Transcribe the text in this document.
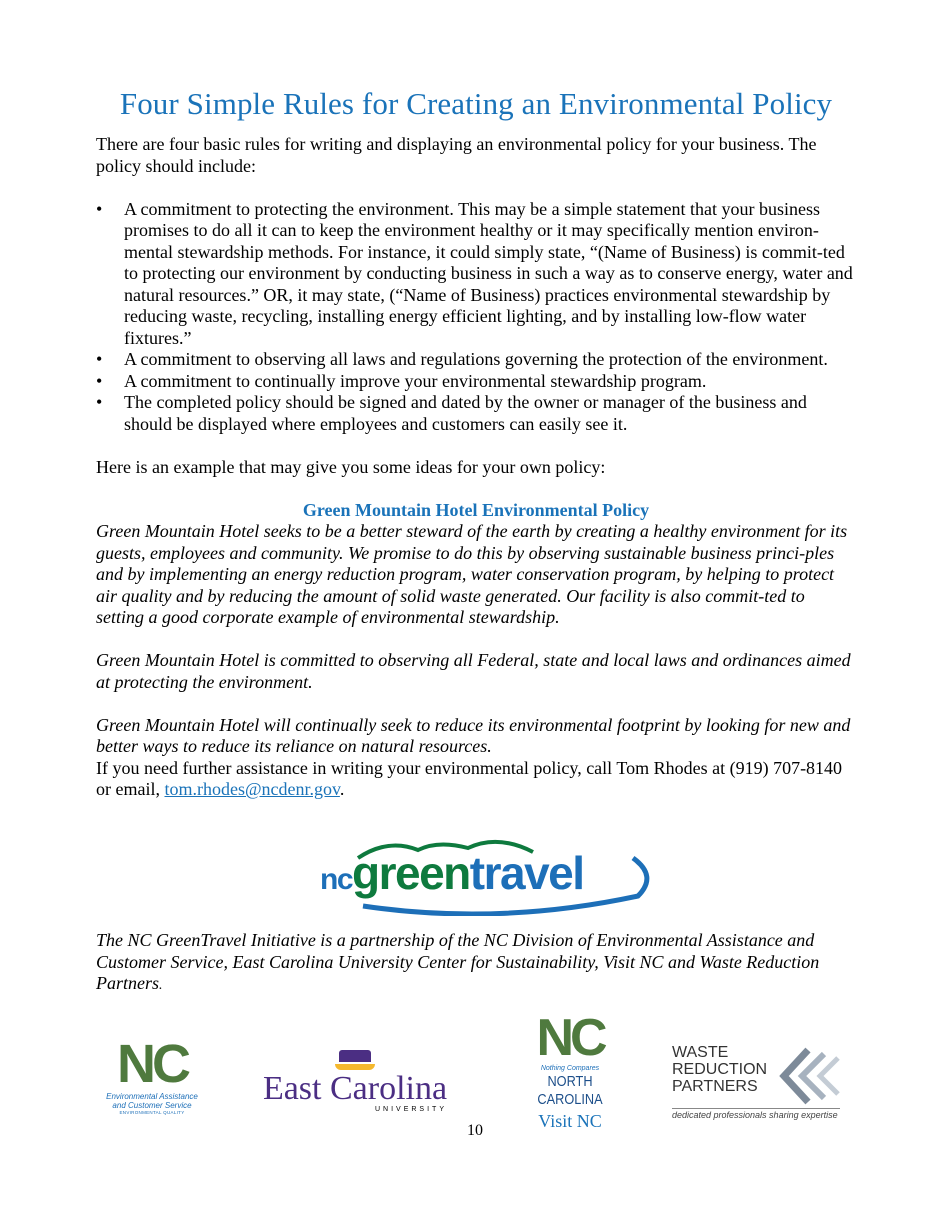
Four Simple Rules for Creating an Environmental Policy

There are four basic rules for writing and displaying an environmental policy for your business. The policy should include:

• A commitment to protecting the environment. This may be a simple statement that your business promises to do all it can to keep the environment healthy or it may specifically mention environ-mental stewardship methods. For instance, it could simply state, “(Name of Business) is commit-ted to protecting our environment by conducting business in such a way as to conserve energy, water and natural resources.” OR, it may state, (“Name of Business) practices environmental stewardship by reducing waste, recycling, installing energy efficient lighting, and by installing low-flow water fixtures.”
• A commitment to observing all laws and regulations governing the protection of the environment.
• A commitment to continually improve your environmental stewardship program.
• The completed policy should be signed and dated by the owner or manager of the business and should be displayed where employees and customers can easily see it.

Here is an example that may give you some ideas for your own policy:

Green Mountain Hotel Environmental Policy

Green Mountain Hotel seeks to be a better steward of the earth by creating a healthy environment for its guests, employees and community. We promise to do this by observing sustainable business princi-ples and by implementing an energy reduction program, water conservation program, by helping to protect air quality and by reducing the amount of solid waste generated. Our facility is also commit-ted to setting a good corporate example of environmental stewardship.

Green Mountain Hotel is committed to observing all Federal, state and local laws and ordinances aimed at protecting the environment.

Green Mountain Hotel will continually seek to reduce its environmental footprint by looking for new and better ways to reduce its reliance on natural resources.

If you need further assistance in writing your environmental policy, call Tom Rhodes at (919) 707-8140 or email, tom.rhodes@ncdenr.gov.

ncgreentravel
The NC GreenTravel Initiative is a partnership of the NC Division of Environmental Assistance and Customer Service, East Carolina University Center for Sustainability, Visit NC and Waste Reduction Partners.
NC
Environmental Assistance
and Customer Service
ENVIRONMENTAL QUALITY
East Carolina
UNIVERSITY
NC
Nothing Compares
NORTH CAROLINA
Visit NC
WASTE
REDUCTION
PARTNERS
dedicated professionals sharing expertise
10
